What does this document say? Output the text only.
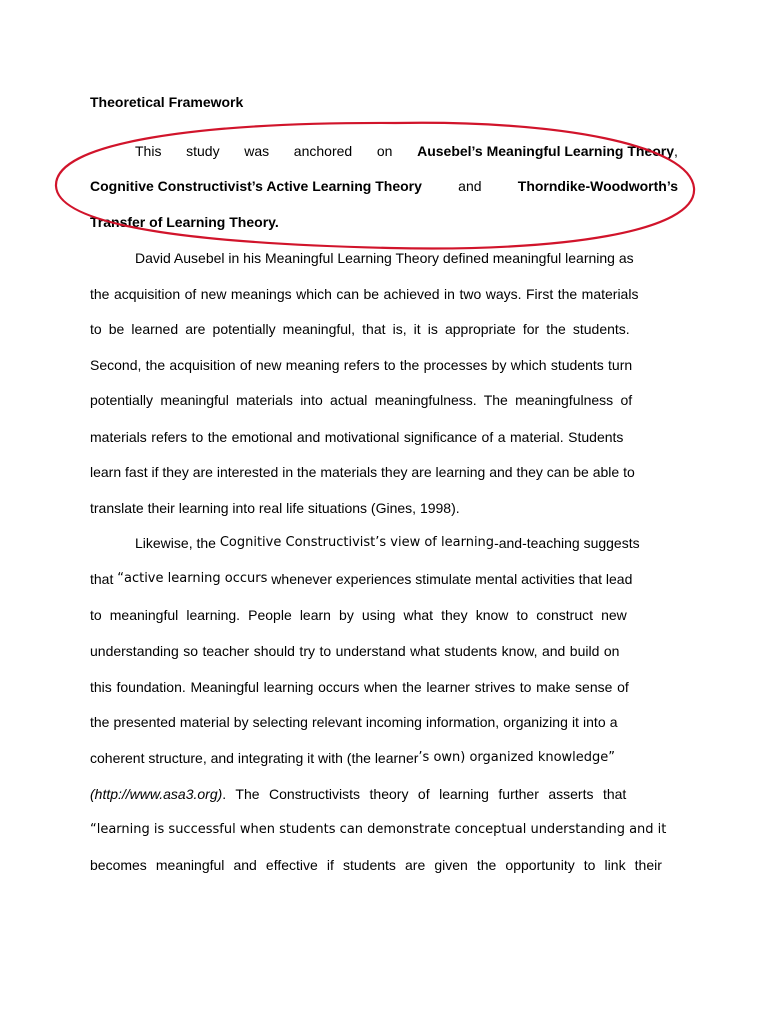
Theoretical Framework
This study was anchored on Ausebel’s Meaningful Learning Theory ,
Cognitive Constructivist’s Active Learning Theory	and	Thorndike-Woodworth’s
Transfer of Learning Theory.
David Ausebel in his Meaningful Learning Theory defined meaningful learning as
the acquisition of new meanings which can be achieved in two ways. First the materials
to be learned are potentially meaningful, that is, it is appropriate for the students.
Second, the acquisition of new meaning refers to the processes by which students turn
potentially meaningful materials into actual meaningfulness. The meaningfulness of
materials refers to the emotional and motivational significance of a material. Students
learn fast if they are interested in the materials they are learning and they can be able to
translate their learning into real life situations (Gines, 1998).
Likewise, the
Cognitive Constructivist’s view of learning -and-teaching suggests
that
“active learning occurs
whenever experiences stimulate mental activities that lead
to meaningful learning. People learn by using what they know to construct new
understanding so teacher should try to understand what students know, and build on
this foundation. Meaningful learning occurs when the learner strives to make sense of
the presented material by selecting relevant incoming information, organizing it into a
coherent structure, and integrating it with (the learner ’s own) organized knowledge”
(http://www.asa3.org) . The Constructivists theory of learning further asserts that
“learning is successful when students can demonstrate conceptual understanding and it
becomes meaningful and effective if students are given the opportunity to link their
